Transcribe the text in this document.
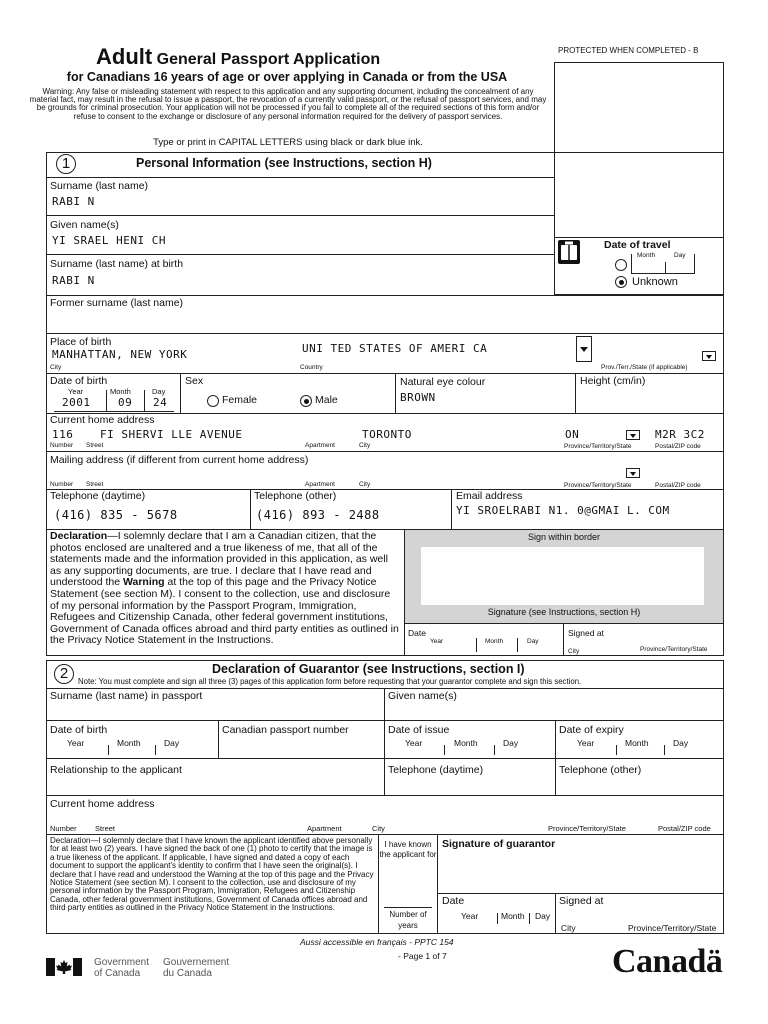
Adult General Passport Application
for Canadians 16 years of age or over applying in Canada or from the USA
PROTECTED WHEN COMPLETED - B
Warning: Any false or misleading statement with respect to this application and any supporting document, including the concealment of any material fact, may result in the refusal to issue a passport, the revocation of a currently valid passport, or the refusal of passport services, and may be grounds for criminal prosecution. Your application will not be processed if you fail to complete all of the required sections of this form and/or refuse to consent to the exchange or disclosure of any personal information required for the delivery of passport services.
Type or print in CAPITAL LETTERS using black or dark blue ink.
Date of travel
Month	Day
Unknown
1	Personal Information (see Instructions, section H)
Surname (last name)
RABI N
Given name(s)
YI SRAEL HENI CH
Surname (last name) at birth
RABI N
Former surname (last name)
Place of birth
MANHATTAN, NEW YORK	UNI TED STATES OF AMERI CA
City	Country	Prov./Terr./State (if applicable)
Date of birth
Year	Month	Day
2001	09 24
Sex
Female	Male
Natural eye colour
BROWN
Height (cm/in)
Current home address
116 FI SHERVI LLE AVENUE	TORONTO	ON	M2R 3C2
Number Street	Apartment	City	Province/Territory/State	Postal/ZIP code
Mailing address (if different from current home address)
Number Street	Apartment	City	Province/Territory/State	Postal/ZIP code
Telephone (daytime)
(416) 835 - 5678
Telephone (other)
(416) 893 - 2488
Email address
YI SROELRABI N1. 0@GMAI L. COM
Declaration—I solemnly declare that I am a Canadian citizen, that the photos enclosed are unaltered and a true likeness of me, that all of the statements made and the information provided in this application, as well as any supporting documents, are true. I declare that I have read and understood the Warning at the top of this page and the Privacy Notice Statement (see section M). I consent to the collection, use and disclosure of my personal information by the Passport Program, Immigration, Refugees and Citizenship Canada, other federal government institutions, Government of Canada offices abroad and third party entities as outlined in the Privacy Notice Statement in the Instructions.
Sign within border
Signature (see Instructions, section H)
Date
Year	Month	Day
Signed at
City	Province/Territory/State
2	Declaration of Guarantor (see Instructions, section I)
Note: You must complete and sign all three (3) pages of this application form before requesting that your guarantor complete and sign this section.
Surname (last name) in passport	Given name(s)
Date of birth
Year	Month	Day
Canadian passport number	Date of issue
Year	Month	Day
Date of expiry
Year	Month	Day
Relationship to the applicant	Telephone (daytime)	Telephone (other)
Current home address
Number Street	Apartment	City	Province/Territory/State	Postal/ZIP code
Declaration—I solemnly declare that I have known the applicant identified above personally for at least two (2) years. I have signed the back of one (1) photo to certify that the image is a true likeness of the applicant. If applicable, I have signed and dated a copy of each document to support the applicant's identity to confirm that I have seen the original(s). I declare that I have read and understood the Warning at the top of this page and the Privacy Notice Statement (see section M). I consent to the collection, use and disclosure of my personal information by the Passport Program, Immigration, Refugees and Citizenship Canada, other federal government institutions, Government of Canada offices abroad and third party entities as outlined in the Privacy Notice Statement in the Instructions.
I have known the applicant for
Number of years
Signature of guarantor
Date
Year	Month Day
Signed at
City	Province/Territory/State
Aussi accessible en français - PPTC 154
- Page 1 of 7
Government
of Canada
Gouvernement
du Canada	Canadä
